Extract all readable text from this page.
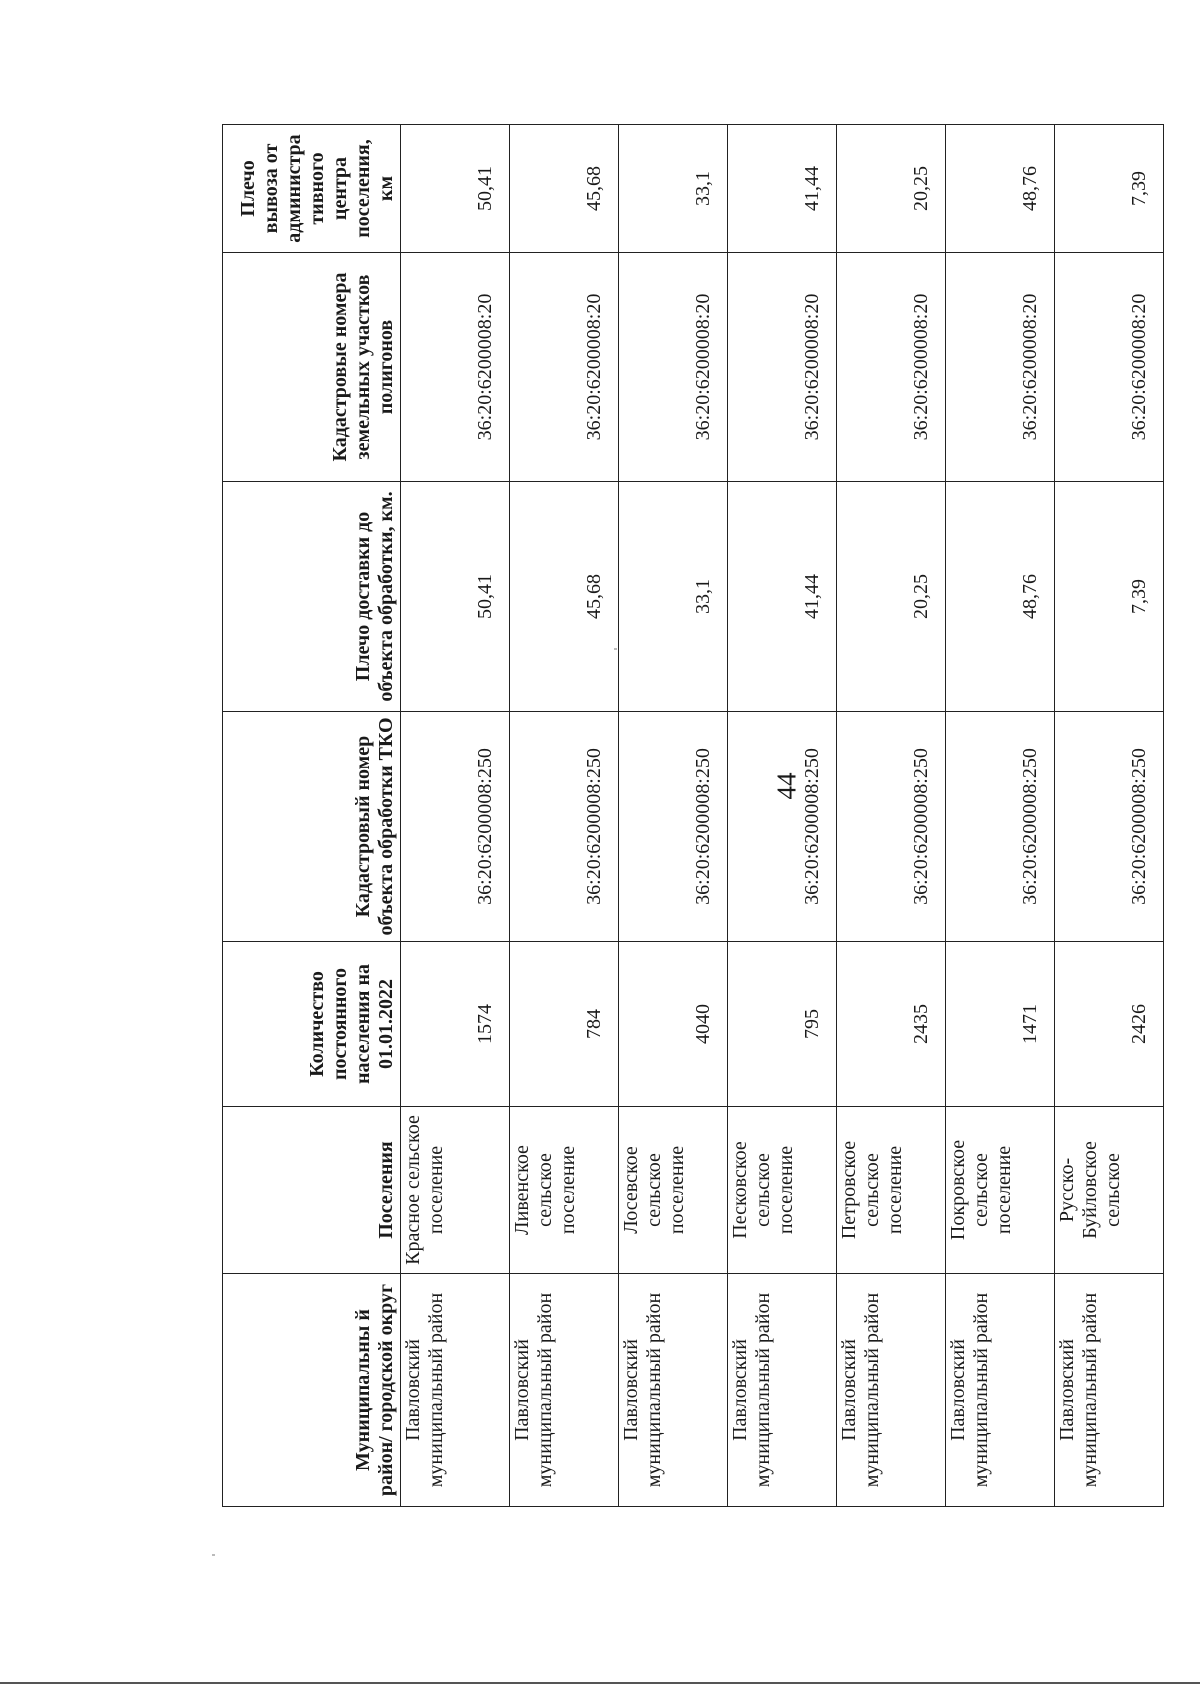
44
Муниципальны й район/ городской округ	Поселения	Количество постоянного населения на 01.01.2022	Кадастровый номер объекта обработки ТКО	Плечо доставки до объекта обработки, км.	Кадастровые номера земельных участков полигонов	Плечо вывоза от администра тивного центра поселения, км
Павловский муниципальный район	Красное сельское поселение	1574	36:20:6200008:250	50,41	36:20:6200008:20	50,41
Павловский муниципальный район	Ливенское сельское поселение	784	36:20:6200008:250	45,68	36:20:6200008:20	45,68
Павловский муниципальный район	Лосевское сельское поселение	4040	36:20:6200008:250	33,1	36:20:6200008:20	33,1
Павловский муниципальный район	Песковское сельское поселение	795	36:20:6200008:250	41,44	36:20:6200008:20	41,44
Павловский муниципальный район	Петровское сельское поселение	2435	36:20:6200008:250	20,25	36:20:6200008:20	20,25
Павловский муниципальный район	Покровское сельское поселение	1471	36:20:6200008:250	48,76	36:20:6200008:20	48,76
Павловский муниципальный район	Русско-Буйловское сельское	2426	36:20:6200008:250	7,39	36:20:6200008:20	7,39
